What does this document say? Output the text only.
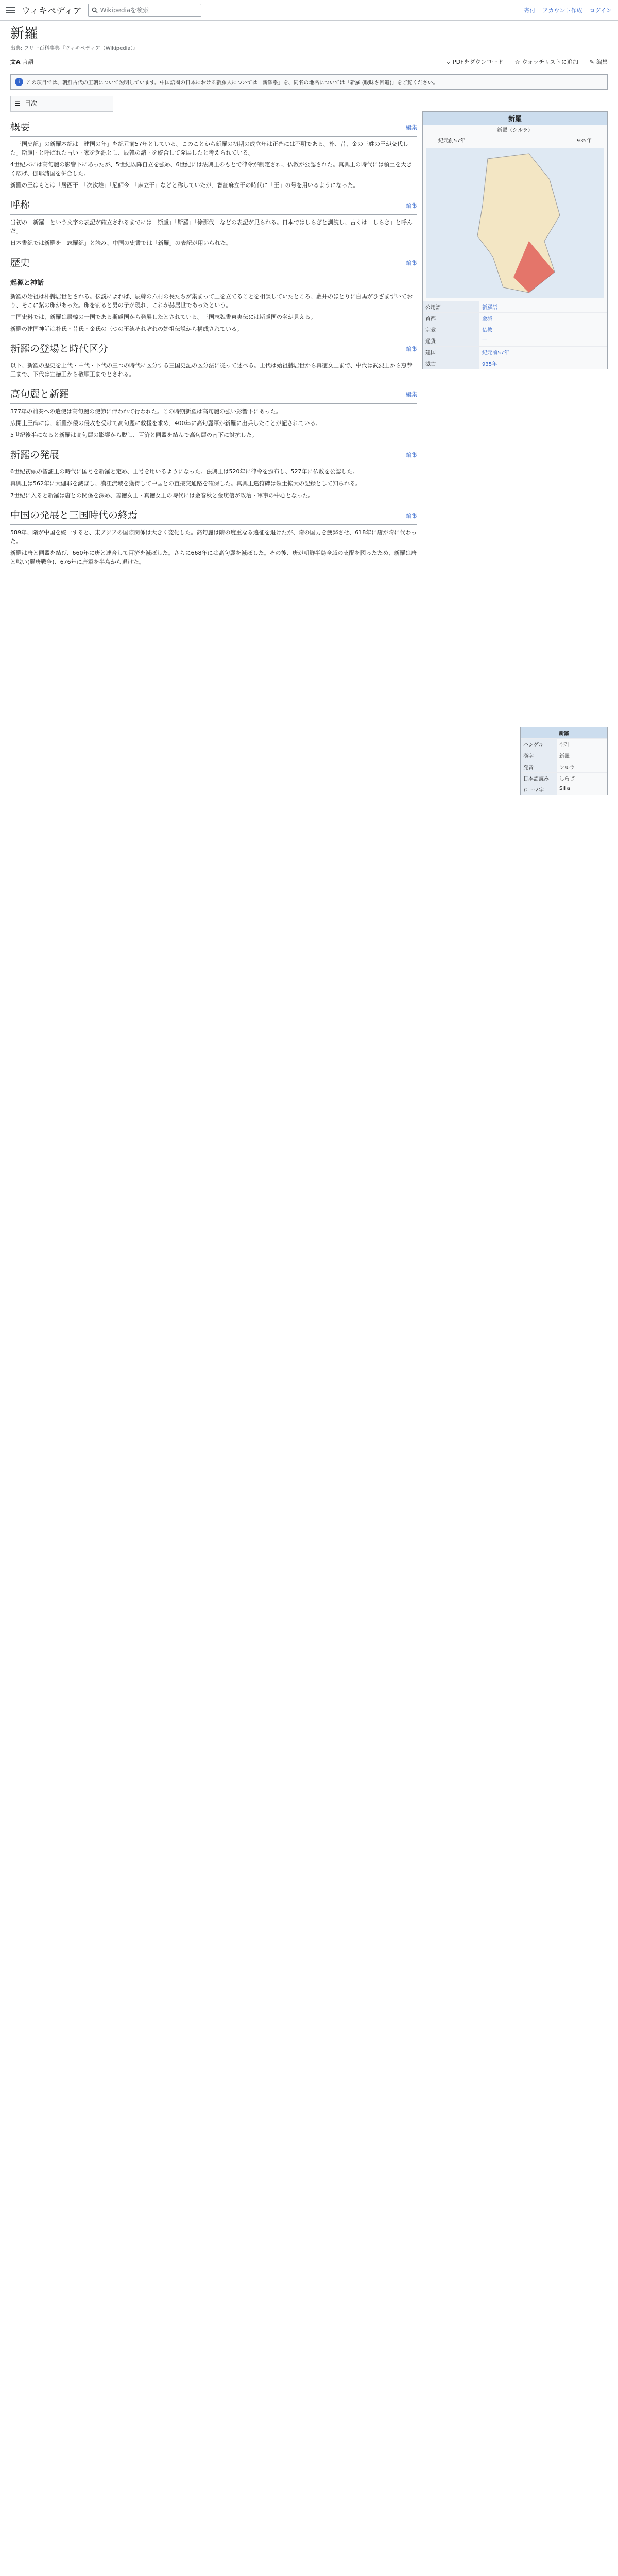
ウィキペディア	Wikipediaを検索	寄付 アカウント作成 ログイン
新羅
出典: フリー百科事典『ウィキペディア（Wikipedia）』
文A 言語	⇩ PDFをダウンロード ☆ ウォッチリストに追加 ✎ 編集
i	この項目では、朝鮮古代の王朝について説明しています。中国語圏の日本における新羅人については「新羅系」を、同名の地名については「新羅 (曖昧さ回避)」をご覧ください。
☰ 目次
概要	編集

「三国史記」の新羅本紀は「建国の年」を紀元前57年としている。このことから新羅の初期の成立年は正確には不明である。朴、昔、金の三姓の王が交代した。斯盧国と呼ばれた古い国家を起源とし、辰韓の諸国を統合して発展したと考えられている。

4世紀末には高句麗の影響下にあったが、5世紀以降自立を強め、6世紀には法興王のもとで律令が制定され、仏教が公認された。真興王の時代には領土を大きく広げ、伽耶諸国を併合した。

新羅の王はもとは「居西干」「次次雄」「尼師今」「麻立干」などと称していたが、智証麻立干の時代に「王」の号を用いるようになった。

呼称	編集

当初の「新羅」という文字の表記が確立されるまでには「斯盧」「斯羅」「徐那伐」などの表記が見られる。日本ではしらぎと訓読し、古くは「しらき」と呼んだ。

日本書紀では新羅を「志羅紀」と読み、中国の史書では「新羅」の表記が用いられた。

歴史	編集
起源と神話

新羅の始祖は朴赫居世とされる。伝説によれば、辰韓の六村の長たちが集まって王を立てることを相談していたところ、蘿井のほとりに白馬がひざまずいており、そこに紫の卵があった。卵を割ると男の子が現れ、これが赫居世であったという。

中国史料では、新羅は辰韓の一国である斯盧国から発展したとされている。三国志魏書東夷伝には斯盧国の名が見える。

新羅の建国神話は朴氏・昔氏・金氏の三つの王統それぞれの始祖伝説から構成されている。

新羅の登場と時代区分	編集

以下、新羅の歴史を上代・中代・下代の三つの時代に区分する三国史記の区分法に従って述べる。上代は始祖赫居世から真徳女王まで、中代は武烈王から恵恭王まで、下代は宣徳王から敬順王までとされる。

高句麗と新羅	編集

377年の前秦への遣使は高句麗の使節に伴われて行われた。この時期新羅は高句麗の強い影響下にあった。

広開土王碑には、新羅が倭の侵攻を受けて高句麗に救援を求め、400年に高句麗軍が新羅に出兵したことが記されている。

5世紀後半になると新羅は高句麗の影響から脱し、百済と同盟を結んで高句麗の南下に対抗した。

新羅の発展	編集

6世紀初頭の智証王の時代に国号を新羅と定め、王号を用いるようになった。法興王は520年に律令を頒布し、527年に仏教を公認した。

真興王は562年に大伽耶を滅ぼし、漢江流域を獲得して中国との直接交通路を確保した。真興王巡狩碑は領土拡大の記録として知られる。

7世紀に入ると新羅は唐との関係を深め、善徳女王・真徳女王の時代には金春秋と金庾信が政治・軍事の中心となった。

中国の発展と三国時代の終焉	編集

589年、隋が中国を統一すると、東アジアの国際関係は大きく変化した。高句麗は隋の度重なる遠征を退けたが、隋の国力を疲弊させ、618年に唐が隋に代わった。

新羅は唐と同盟を結び、660年に唐と連合して百済を滅ぼした。さらに668年には高句麗を滅ぼした。その後、唐が朝鮮半島全域の支配を図ったため、新羅は唐と戦い(羅唐戦争)、676年に唐軍を半島から退けた。

新羅
新羅（シルラ）
紀元前57年	935年
公用語	新羅語
首都	金城
宗教	仏教
通貨	—
建国	紀元前57年
滅亡	935年
新羅
ハングル	신라
漢字	新羅
発音	シルラ
日本語読み	しらぎ
ローマ字	Silla
